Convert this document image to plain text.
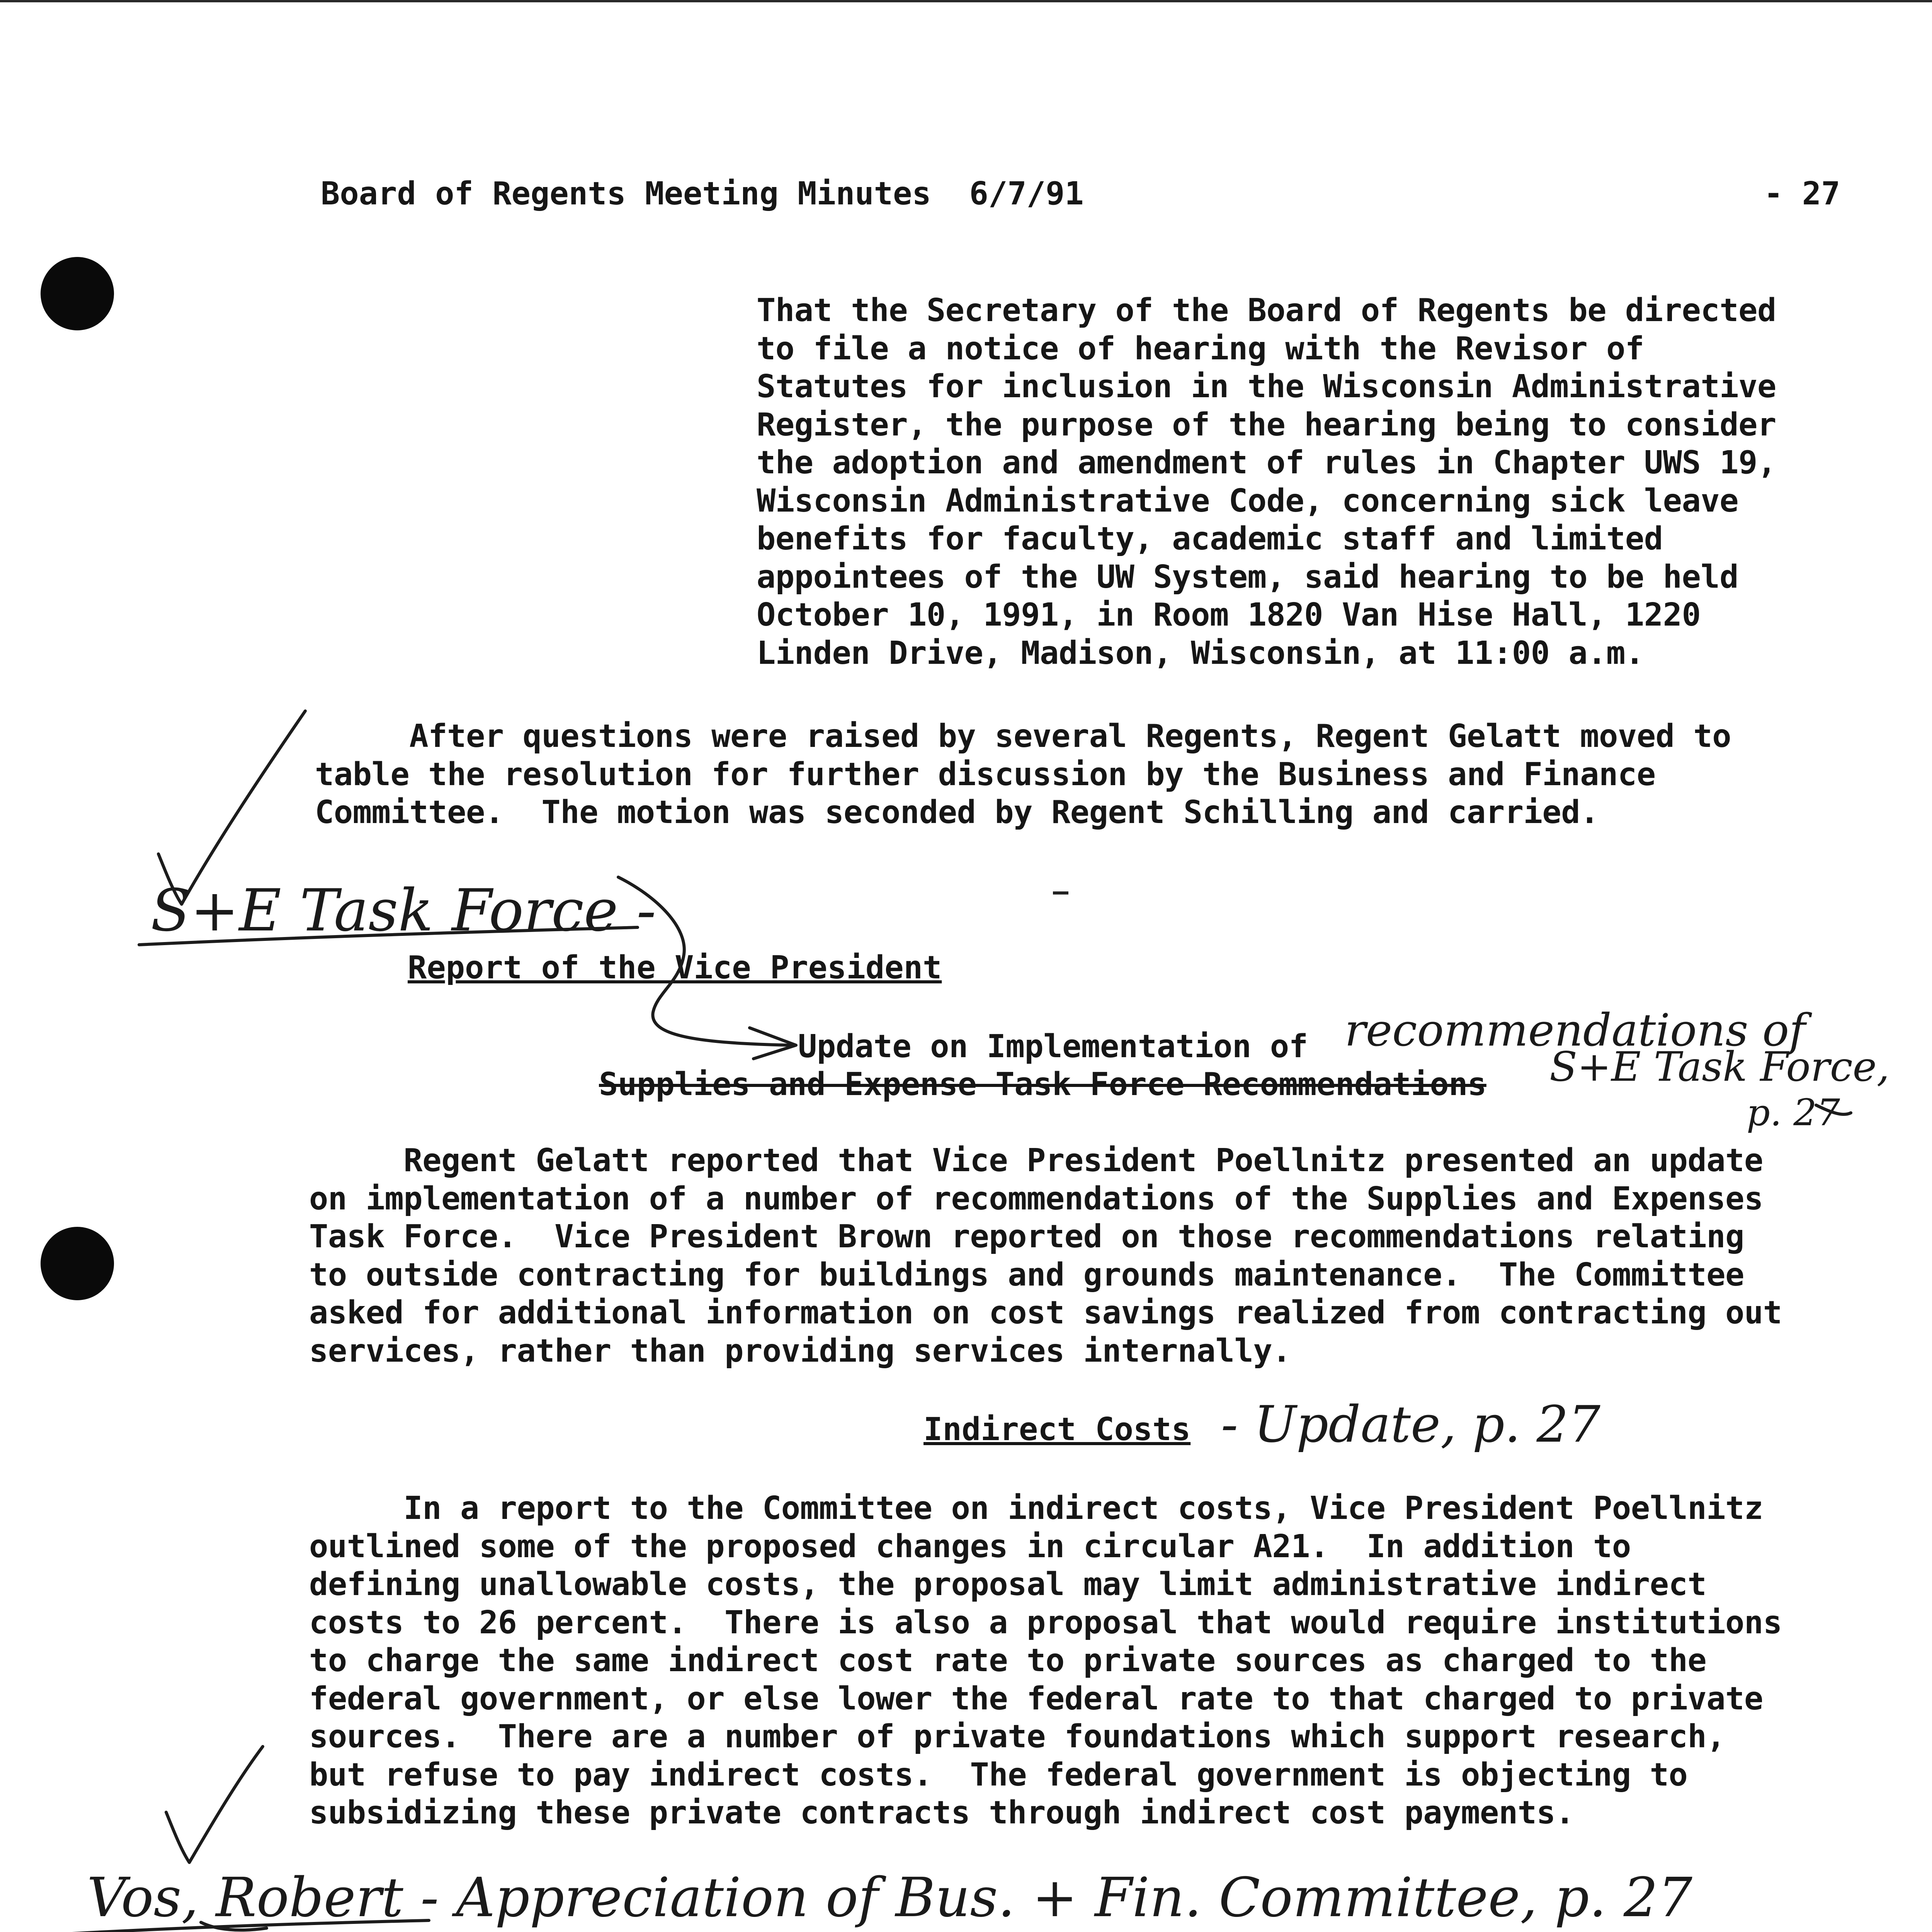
Board of Regents Meeting Minutes  6/7/91	- 27

That the Secretary of the Board of Regents be directed

to file a notice of hearing with the Revisor of

Statutes for inclusion in the Wisconsin Administrative

Register, the purpose of the hearing being to consider

the adoption and amendment of rules in Chapter UWS 19,

Wisconsin Administrative Code, concerning sick leave

benefits for faculty, academic staff and limited

appointees of the UW System, said hearing to be held

October 10, 1991, in Room 1820 Van Hise Hall, 1220

Linden Drive, Madison, Wisconsin, at 11:00 a.m.

After questions were raised by several Regents, Regent Gelatt moved to

table the resolution for further discussion by the Business and Finance

Committee.  The motion was seconded by Regent Schilling and carried.

S+E Task Force -

Report of the Vice President

Update on Implementation of

Supplies and Expense Task Force Recommendations

recommendations of

S+E Task Force,

p. 27

Regent Gelatt reported that Vice President Poellnitz presented an update

on implementation of a number of recommendations of the Supplies and Expenses

Task Force.  Vice President Brown reported on those recommendations relating

to outside contracting for buildings and grounds maintenance.  The Committee

asked for additional information on cost savings realized from contracting out

services, rather than providing services internally.

Indirect Costs - Update, p. 27

In a report to the Committee on indirect costs, Vice President Poellnitz

outlined some of the proposed changes in circular A21.  In addition to

defining unallowable costs, the proposal may limit administrative indirect

costs to 26 percent.  There is also a proposal that would require institutions

to charge the same indirect cost rate to private sources as charged to the

federal government, or else lower the federal rate to that charged to private

sources.  There are a number of private foundations which support research,

but refuse to pay indirect costs.  The federal government is objecting to

subsidizing these private contracts through indirect cost payments.

Vos, Robert - Appreciation of Bus. + Fin. Committee, p. 27
